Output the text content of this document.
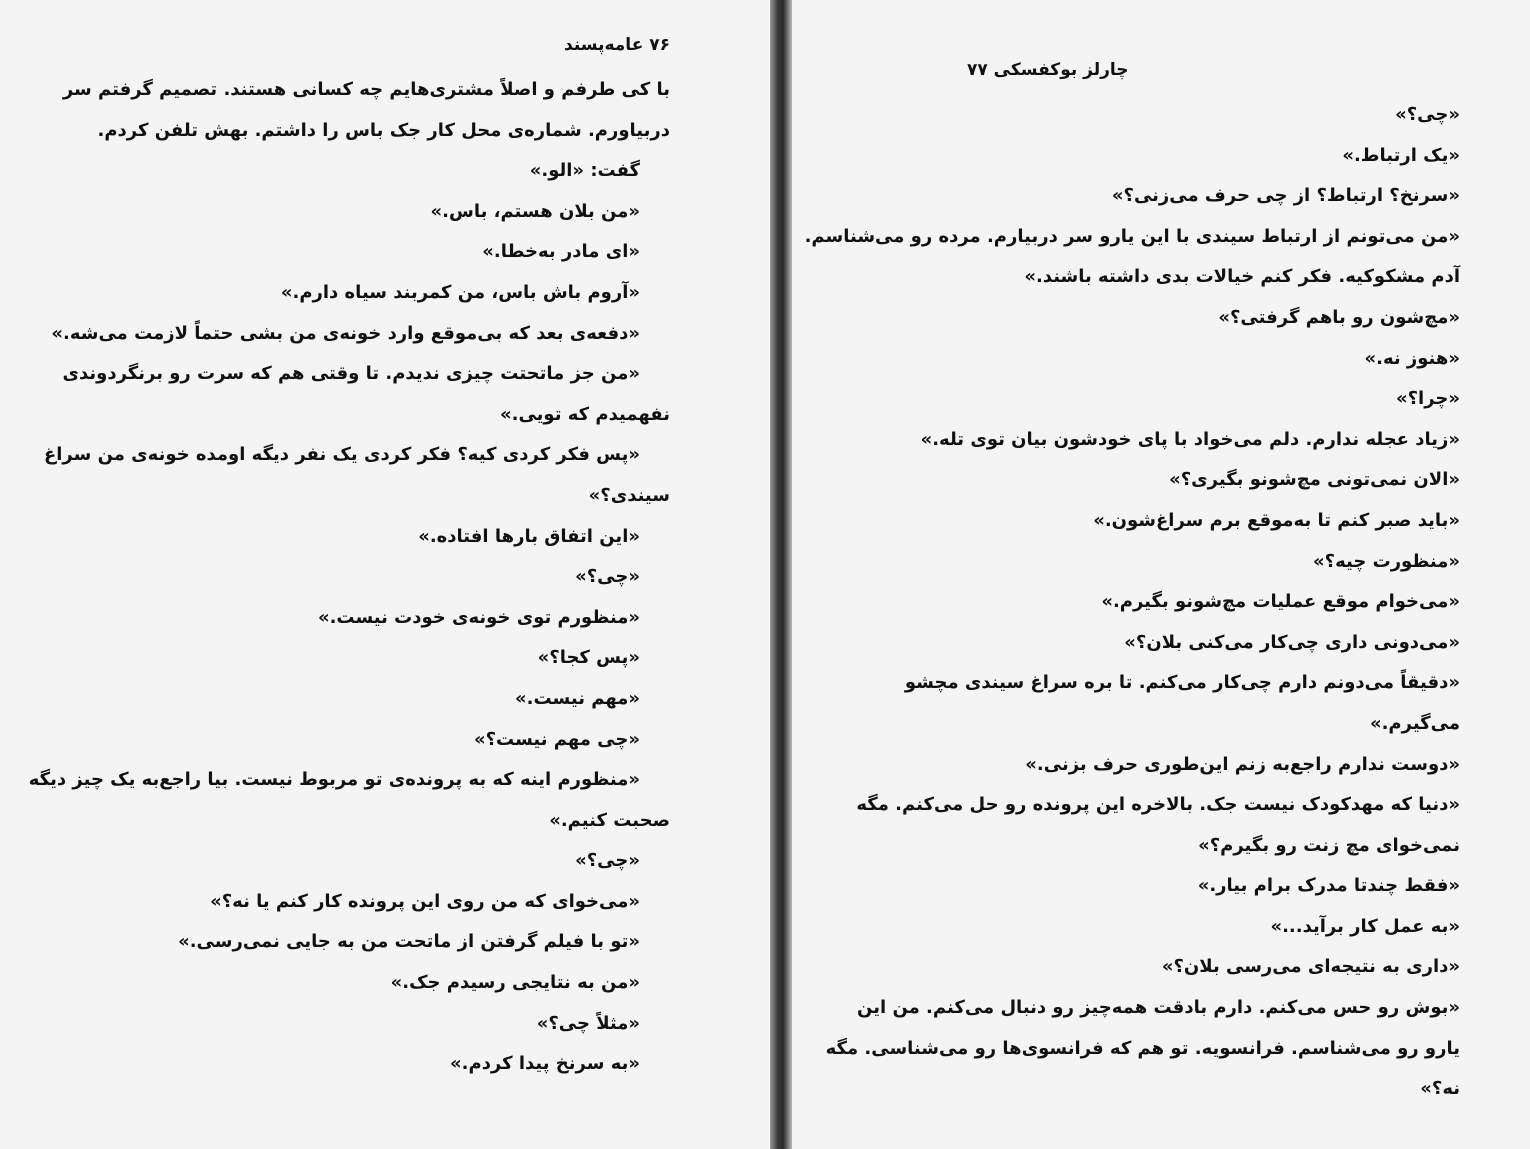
۷۶ عامه‌پسند
با کی طرفم و اصلاً مشتری‌هایم چه کسانی هستند. تصمیم گرفتم سر
دربیاورم. شماره‌ی محل کار جک باس را داشتم. بهش تلفن کردم.
گفت: «الو.»
«من بلان هستم، باس.»
«ای مادر به‌خطا.»
«آروم باش باس، من کمربند سیاه دارم.»
«دفعه‌ی بعد که بی‌موقع وارد خونه‌ی من بشی حتماً لازمت می‌شه.»
«من جز ماتحتت چیزی ندیدم. تا وقتی هم که سرت رو برنگردوندی
نفهمیدم که تویی.»
«پس فکر کردی کیه؟ فکر کردی یک نفر دیگه اومده خونه‌ی من سراغ
سیندی؟»
«این اتفاق بارها افتاده.»
«چی؟»
«منظورم توی خونه‌ی خودت نیست.»
«پس کجا؟»
«مهم نیست.»
«چی مهم نیست؟»
«منظورم اینه که به پرونده‌ی تو مربوط نیست. بیا راجع‌به یک چیز دیگه
صحبت کنیم.»
«چی؟»
«می‌خوای که من روی این پرونده کار کنم یا نه؟»
«تو با فیلم گرفتن از ماتحت من به جایی نمی‌رسی.»
«من به نتایجی رسیدم جک.»
«مثلاً چی؟»
«به سرنخ پیدا کردم.»
چارلز بوکفسکی ۷۷
«چی؟»
«یک ارتباط.»
«سرنخ؟ ارتباط؟ از چی حرف می‌زنی؟»
«من می‌تونم از ارتباط سیندی با این یارو سر دربیارم. مرده رو می‌شناسم.
آدم مشکوکیه. فکر کنم خیالات بدی داشته باشند.»
«مچ‌شون رو باهم گرفتی؟»
«هنوز نه.»
«چرا؟»
«زیاد عجله ندارم. دلم می‌خواد با پای خودشون بیان توی تله.»
«الان نمی‌تونی مچ‌شونو بگیری؟»
«باید صبر کنم تا به‌موقع برم سراغ‌شون.»
«منظورت چیه؟»
«می‌خوام موقع عملیات مچ‌شونو بگیرم.»
«می‌دونی داری چی‌کار می‌کنی بلان؟»
«دقیقاً می‌دونم دارم چی‌کار می‌کنم. تا بره سراغ سیندی مچشو
می‌گیرم.»
«دوست ندارم راجع‌به زنم این‌طوری حرف بزنی.»
«دنیا که مهدکودک نیست جک. بالاخره این پرونده رو حل می‌کنم. مگه
نمی‌خوای مچ زنت رو بگیرم؟»
«فقط چندتا مدرک برام بیار.»
«به عمل کار برآید...»
«داری به نتیجه‌ای می‌رسی بلان؟»
«بوش رو حس می‌کنم. دارم بادقت همه‌چیز رو دنبال می‌کنم. من این
یارو رو می‌شناسم. فرانسویه. تو هم که فرانسوی‌ها رو می‌شناسی. مگه
نه؟»
